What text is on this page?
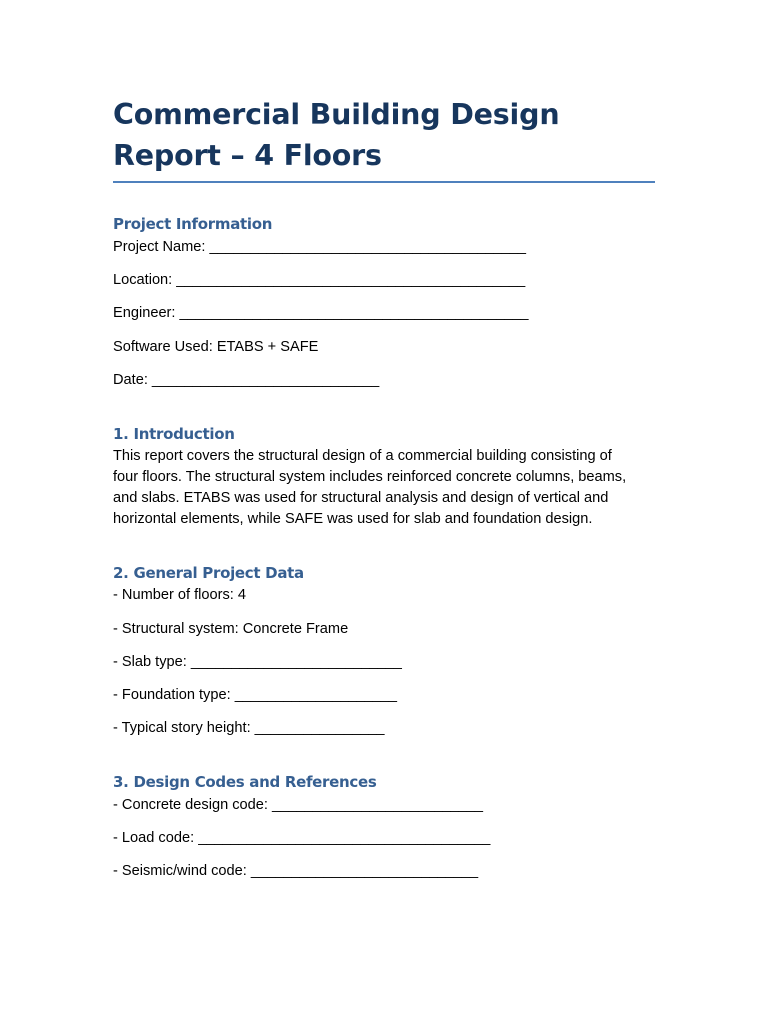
Commercial Building Design Report – 4 Floors
Project Information

Project Name: _______________________________________

Location: ___________________________________________

Engineer: ___________________________________________

Software Used: ETABS + SAFE

Date: ____________________________

1. Introduction

This report covers the structural design of a commercial building consisting of

four floors. The structural system includes reinforced concrete columns, beams,

and slabs. ETABS was used for structural analysis and design of vertical and

horizontal elements, while SAFE was used for slab and foundation design.

2. General Project Data

- Number of floors: 4

- Structural system: Concrete Frame

- Slab type: __________________________

- Foundation type: ____________________

- Typical story height: ________________

3. Design Codes and References

- Concrete design code: __________________________

- Load code: ____________________________________

- Seismic/wind code: ____________________________
